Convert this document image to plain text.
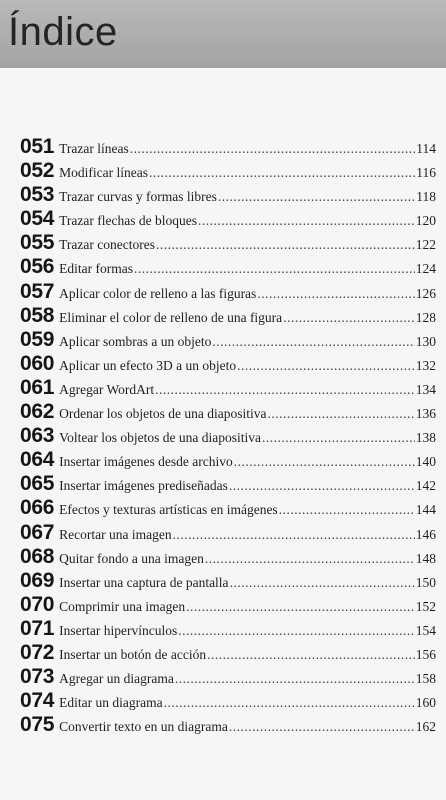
Índice
051 Trazar líneas .....	114
052 Modificar líneas .....	116
053 Trazar curvas y formas libres .....	118
054 Trazar flechas de bloques .....	120
055 Trazar conectores .....	122
056 Editar formas .....	124
057 Aplicar color de relleno a las figuras .....	126
058 Eliminar el color de relleno de una figura .....	128
059 Aplicar sombras a un objeto .....	130
060 Aplicar un efecto 3D a un objeto .....	132
061 Agregar WordArt .....	134
062 Ordenar los objetos de una diapositiva .....	136
063 Voltear los objetos de una diapositiva .....	138
064 Insertar imágenes desde archivo .....	140
065 Insertar imágenes prediseñadas .....	142
066 Efectos y texturas artísticas en imágenes .....	144
067 Recortar una imagen .....	146
068 Quitar fondo a una imagen .....	148
069 Insertar una captura de pantalla .....	150
070 Comprimir una imagen .....	152
071 Insertar hipervínculos .....	154
072 Insertar un botón de acción .....	156
073 Agregar un diagrama .....	158
074 Editar un diagrama .....	160
075 Convertir texto en un diagrama .....	162
